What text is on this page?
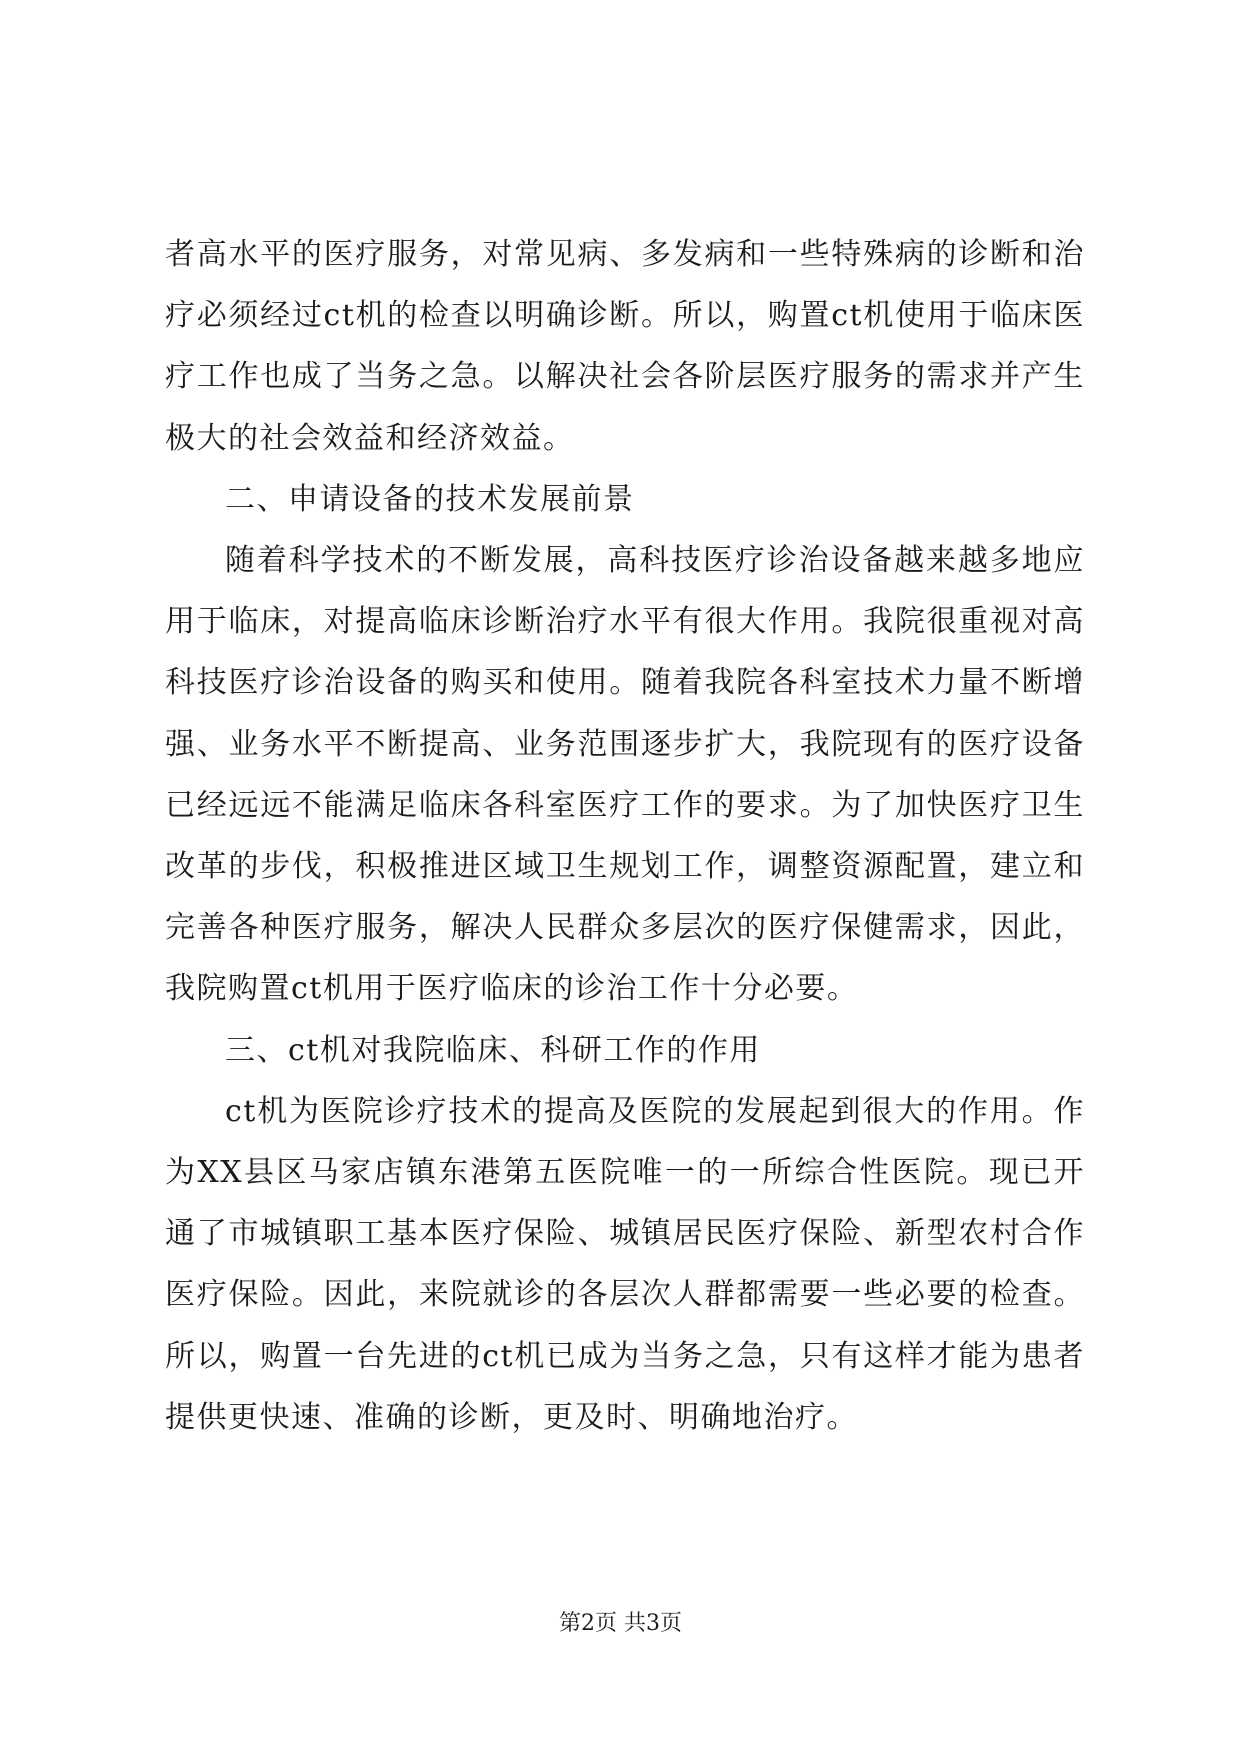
者高水平的医疗服务，对常见病、多发病和一些特殊病的诊断和治疗必须经过ct机的检查以明确诊断。所以，购置ct机使用于临床医疗工作也成了当务之急。以解决社会各阶层医疗服务的需求并产生极大的社会效益和经济效益。

二、申请设备的技术发展前景

随着科学技术的不断发展，高科技医疗诊治设备越来越多地应用于临床，对提高临床诊断治疗水平有很大作用。我院很重视对高科技医疗诊治设备的购买和使用。随着我院各科室技术力量不断增强、业务水平不断提高、业务范围逐步扩大，我院现有的医疗设备已经远远不能满足临床各科室医疗工作的要求。为了加快医疗卫生改革的步伐，积极推进区域卫生规划工作，调整资源配置，建立和完善各种医疗服务，解决人民群众多层次的医疗保健需求，因此，我院购置ct机用于医疗临床的诊治工作十分必要。

三、ct机对我院临床、科研工作的作用

ct机为医院诊疗技术的提高及医院的发展起到很大的作用。作为XX县区马家店镇东港第五医院唯一的一所综合性医院。现已开通了市城镇职工基本医疗保险、城镇居民医疗保险、新型农村合作医疗保险。因此，来院就诊的各层次人群都需要一些必要的检查。所以，购置一台先进的ct机已成为当务之急，只有这样才能为患者提供更快速、准确的诊断，更及时、明确地治疗。

第2页 共3页
